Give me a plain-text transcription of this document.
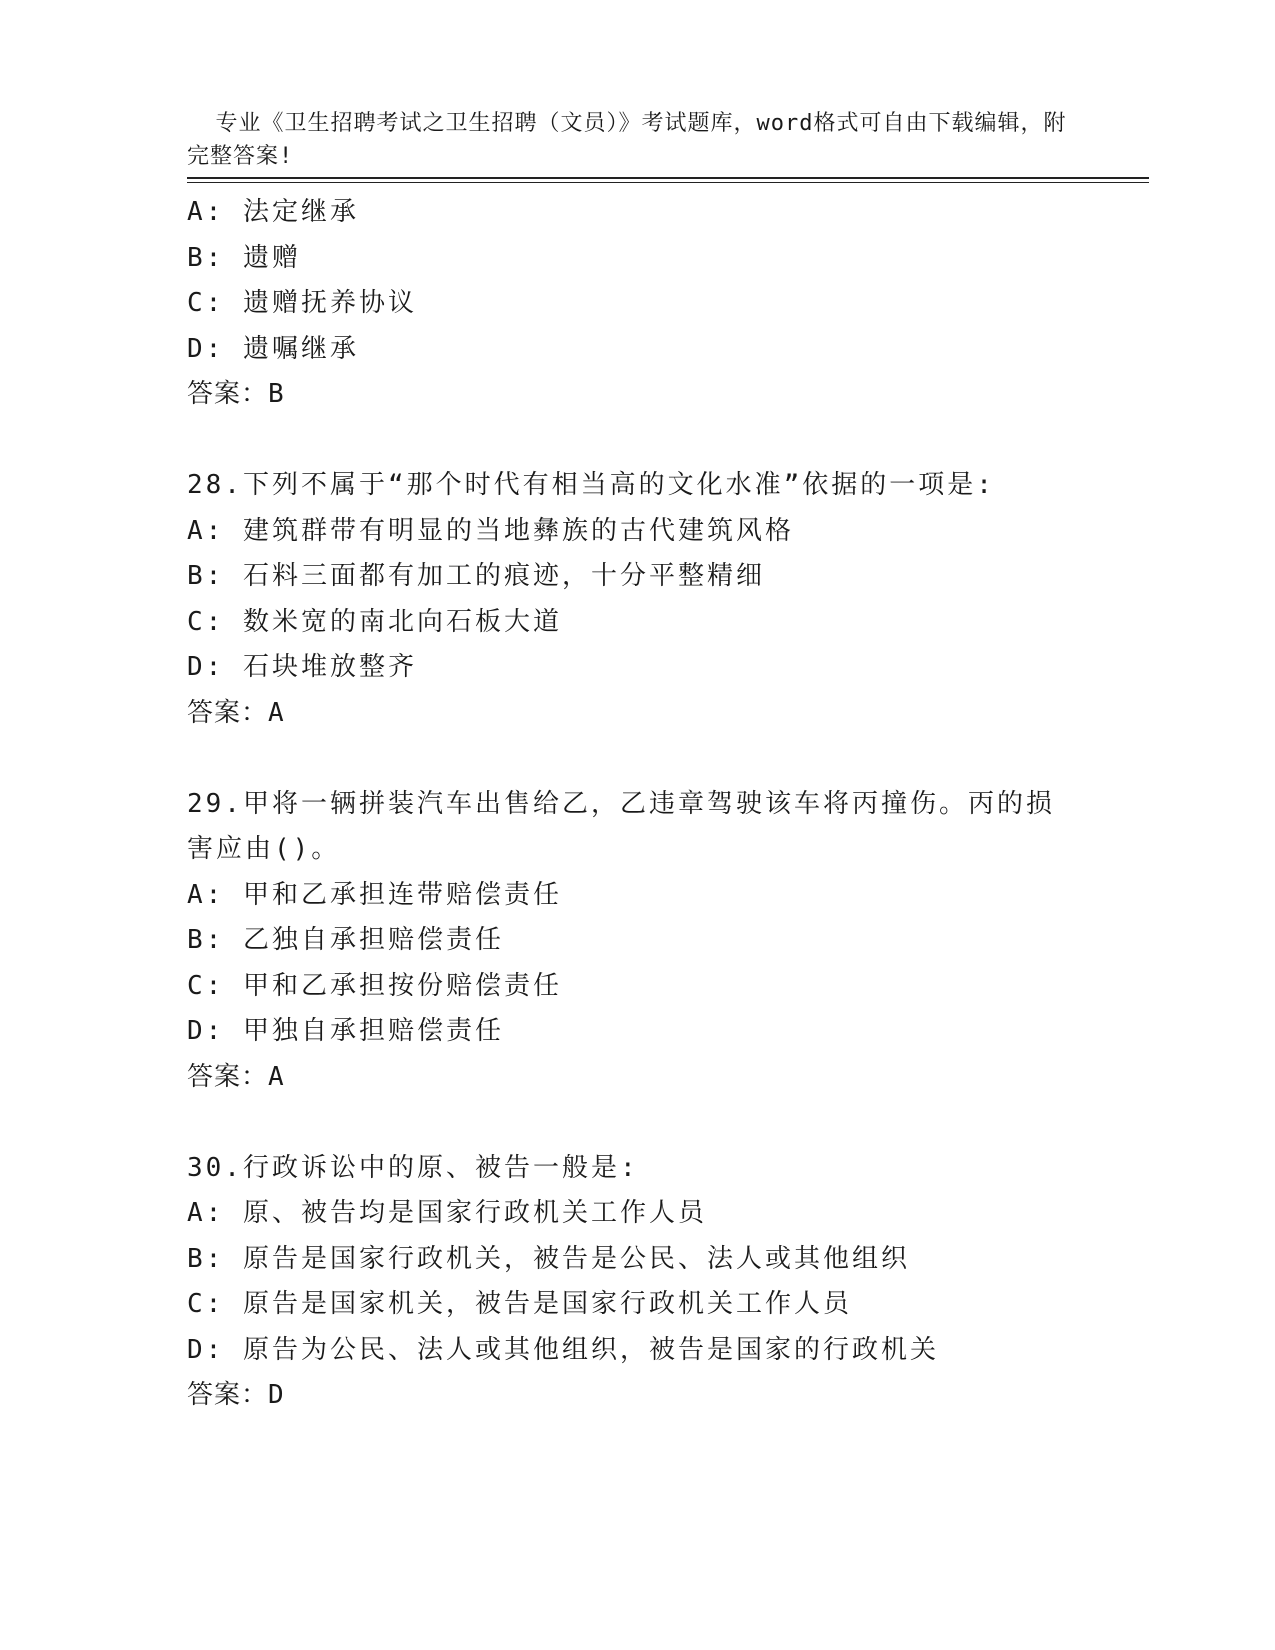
专业《卫生招聘考试之卫生招聘（文员）》考试题库，word格式可自由下载编辑，附完整答案!

A: 法定继承
B: 遗赠
C: 遗赠抚养协议
D: 遗嘱继承
答案：B
28.下列不属于“那个时代有相当高的文化水准”依据的一项是:
A: 建筑群带有明显的当地彝族的古代建筑风格
B: 石料三面都有加工的痕迹，十分平整精细
C: 数米宽的南北向石板大道
D: 石块堆放整齐
答案：A
29.甲将一辆拼装汽车出售给乙，乙违章驾驶该车将丙撞伤。丙的损害应由()。
A: 甲和乙承担连带赔偿责任
B: 乙独自承担赔偿责任
C: 甲和乙承担按份赔偿责任
D: 甲独自承担赔偿责任
答案：A
30.行政诉讼中的原、被告一般是:
A: 原、被告均是国家行政机关工作人员
B: 原告是国家行政机关，被告是公民、法人或其他组织
C: 原告是国家机关，被告是国家行政机关工作人员
D: 原告为公民、法人或其他组织，被告是国家的行政机关
答案：D
